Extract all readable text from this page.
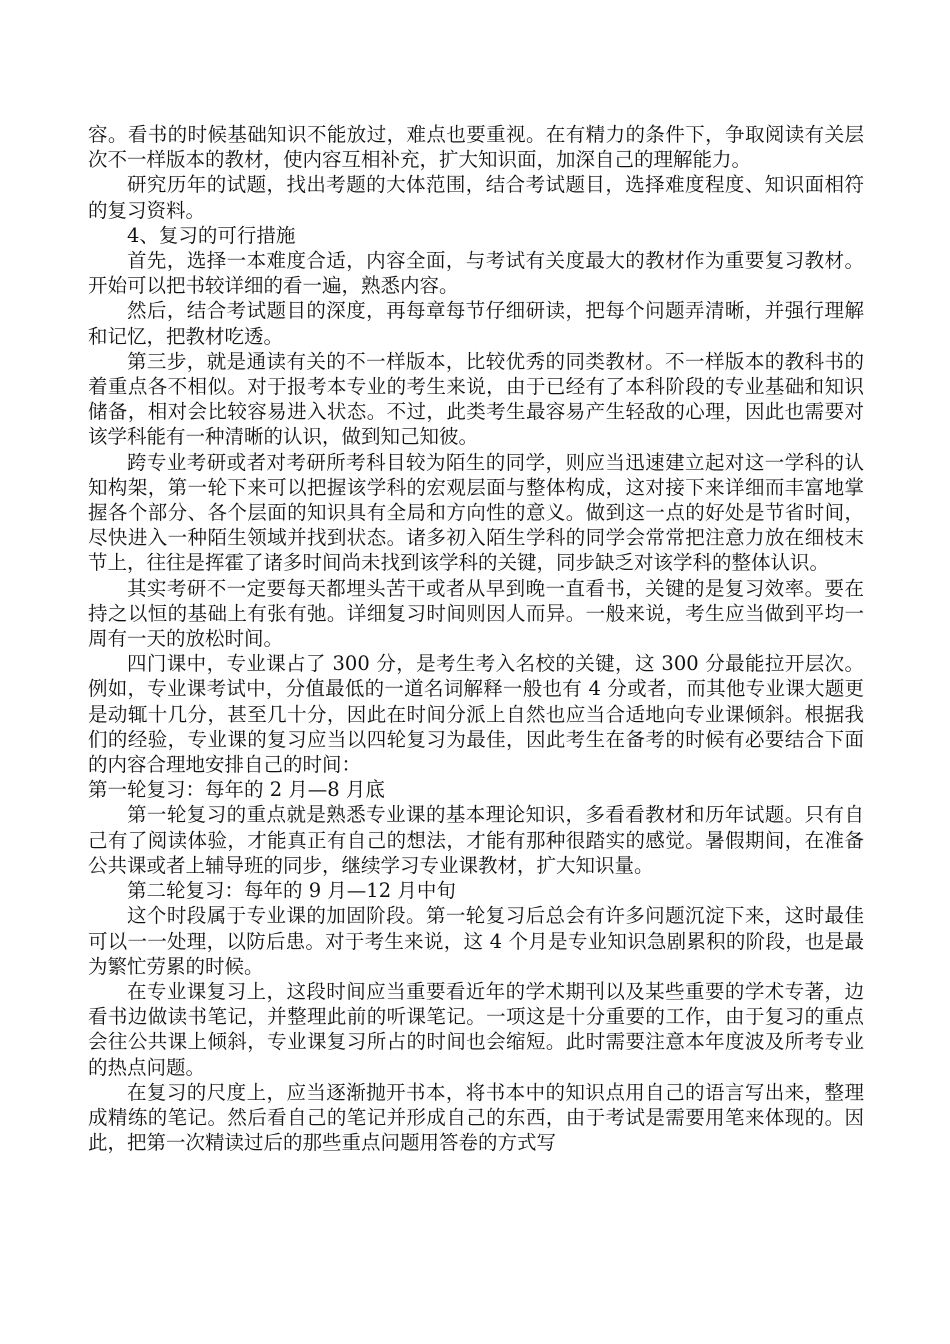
容。看书的时候基础知识不能放过，难点也要重视。在有精力的条件下，争取阅读有关层次不一样版本的教材，使内容互相补充，扩大知识面，加深自己的理解能力。

研究历年的试题，找出考题的大体范围，结合考试题目，选择难度程度、知识面相符的复习资料。

4、复习的可行措施

首先，选择一本难度合适，内容全面，与考试有关度最大的教材作为重要复习教材。开始可以把书较详细的看一遍，熟悉内容。

然后，结合考试题目的深度，再每章每节仔细研读，把每个问题弄清晰，并强行理解和记忆，把教材吃透。

第三步，就是通读有关的不一样版本，比较优秀的同类教材。不一样版本的教科书的着重点各不相似。对于报考本专业的考生来说，由于已经有了本科阶段的专业基础和知识储备，相对会比较容易进入状态。不过，此类考生最容易产生轻敌的心理，因此也需要对该学科能有一种清晰的认识，做到知己知彼。

跨专业考研或者对考研所考科目较为陌生的同学，则应当迅速建立起对这一学科的认知构架，第一轮下来可以把握该学科的宏观层面与整体构成，这对接下来详细而丰富地掌握各个部分、各个层面的知识具有全局和方向性的意义。做到这一点的好处是节省时间，尽快进入一种陌生领域并找到状态。诸多初入陌生学科的同学会常常把注意力放在细枝末节上，往往是挥霍了诸多时间尚未找到该学科的关键，同步缺乏对该学科的整体认识。

其实考研不一定要每天都埋头苦干或者从早到晚一直看书，关键的是复习效率。要在持之以恒的基础上有张有弛。详细复习时间则因人而异。一般来说，考生应当做到平均一周有一天的放松时间。

四门课中，专业课占了 300 分，是考生考入名校的关键，这 300 分最能拉开层次。例如，专业课考试中，分值最低的一道名词解释一般也有 4 分或者，而其他专业课大题更是动辄十几分，甚至几十分，因此在时间分派上自然也应当合适地向专业课倾斜。根据我们的经验，专业课的复习应当以四轮复习为最佳，因此考生在备考的时候有必要结合下面的内容合理地安排自己的时间：

第一轮复习：每年的 2 月—8 月底

第一轮复习的重点就是熟悉专业课的基本理论知识，多看看教材和历年试题。只有自己有了阅读体验，才能真正有自己的想法，才能有那种很踏实的感觉。暑假期间，在准备公共课或者上辅导班的同步，继续学习专业课教材，扩大知识量。

第二轮复习：每年的 9 月—12 月中旬

这个时段属于专业课的加固阶段。第一轮复习后总会有许多问题沉淀下来，这时最佳可以一一处理，以防后患。对于考生来说，这 4 个月是专业知识急剧累积的阶段，也是最为繁忙劳累的时候。

在专业课复习上，这段时间应当重要看近年的学术期刊以及某些重要的学术专著，边看书边做读书笔记，并整理此前的听课笔记。一项这是十分重要的工作，由于复习的重点会往公共课上倾斜，专业课复习所占的时间也会缩短。此时需要注意本年度波及所考专业的热点问题。

在复习的尺度上，应当逐渐抛开书本，将书本中的知识点用自己的语言写出来，整理成精练的笔记。然后看自己的笔记并形成自己的东西，由于考试是需要用笔来体现的。因此，把第一次精读过后的那些重点问题用答卷的方式写
